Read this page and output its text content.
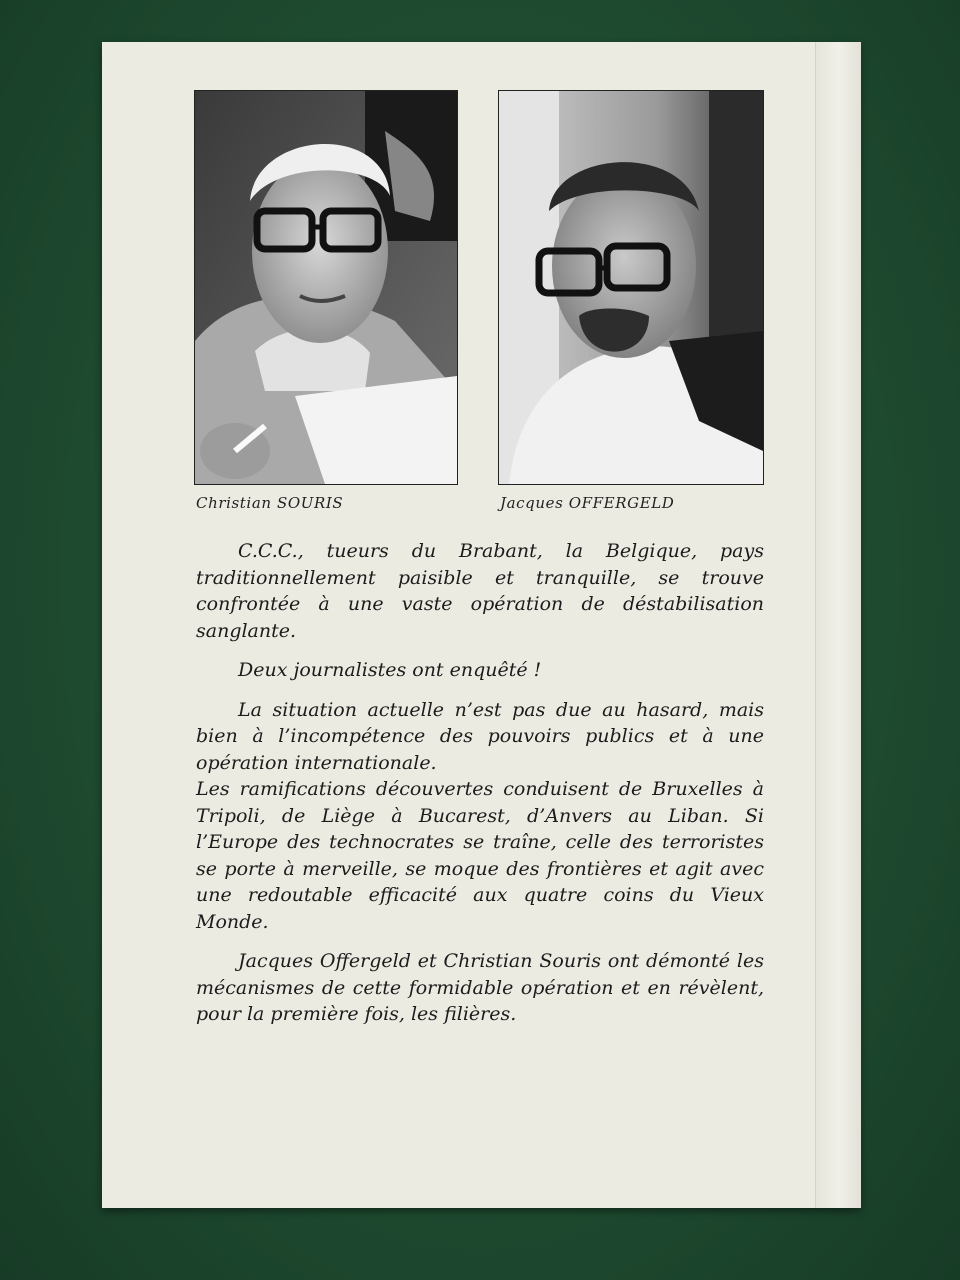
Christian SOURIS	Jacques OFFERGELD

C.C.C., tueurs du Brabant, la Belgique, pays traditionnellement paisible et tranquille, se trouve confrontée à une vaste opération de déstabilisation sanglante.

Deux journalistes ont enquêté !

La situation actuelle n’est pas due au hasard, mais bien à l’incompétence des pouvoirs publics et à une opération internationale.

Les ramifications découvertes conduisent de Bruxelles à Tripoli, de Liège à Bucarest, d’Anvers au Liban. Si l’Europe des technocrates se traîne, celle des terroristes se porte à merveille, se moque des frontières et agit avec une redoutable efficacité aux quatre coins du Vieux Monde.

Jacques Offergeld et Christian Souris ont démonté les mécanismes de cette formidable opération et en révèlent, pour la première fois, les filières.
